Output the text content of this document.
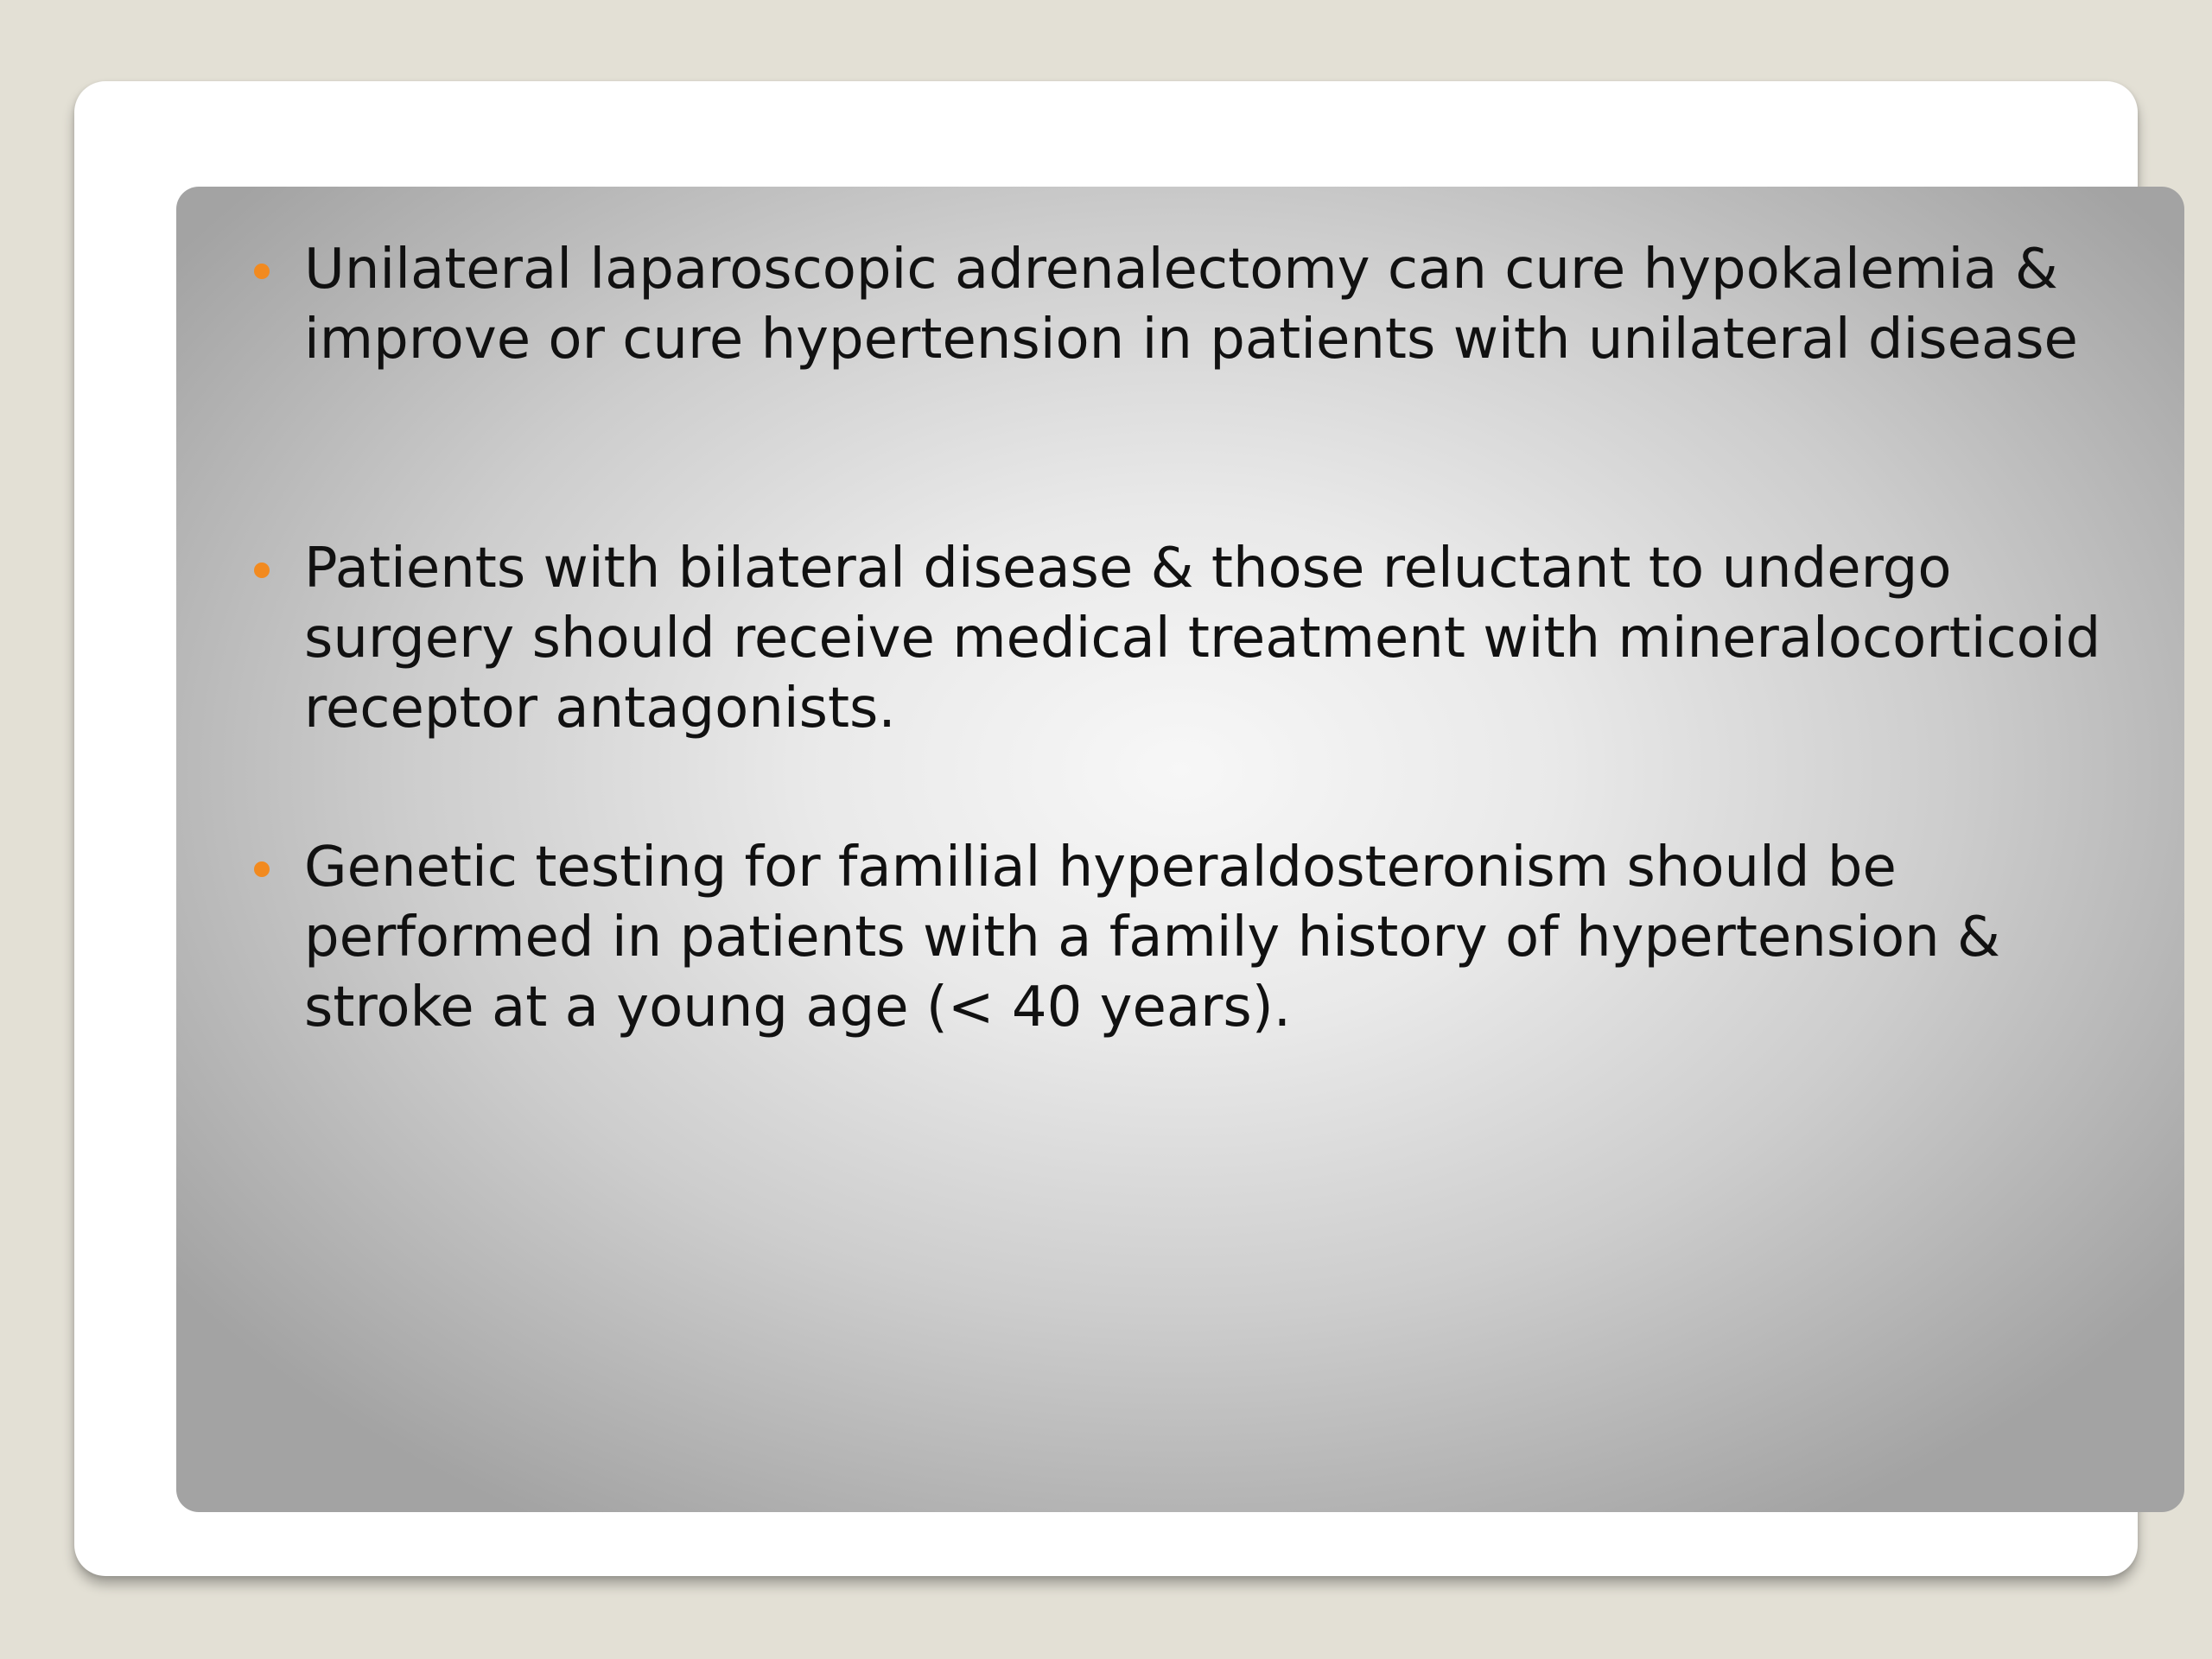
Unilateral laparoscopic adrenalectomy can cure hypokalemia & improve or cure hypertension in patients with unilateral disease
Patients with bilateral disease & those reluctant to undergo surgery should receive medical treatment with mineralocorticoid receptor antagonists.
Genetic testing for familial hyperaldosteronism should be performed in patients with a family history of hypertension & stroke at a young age (< 40 years).
